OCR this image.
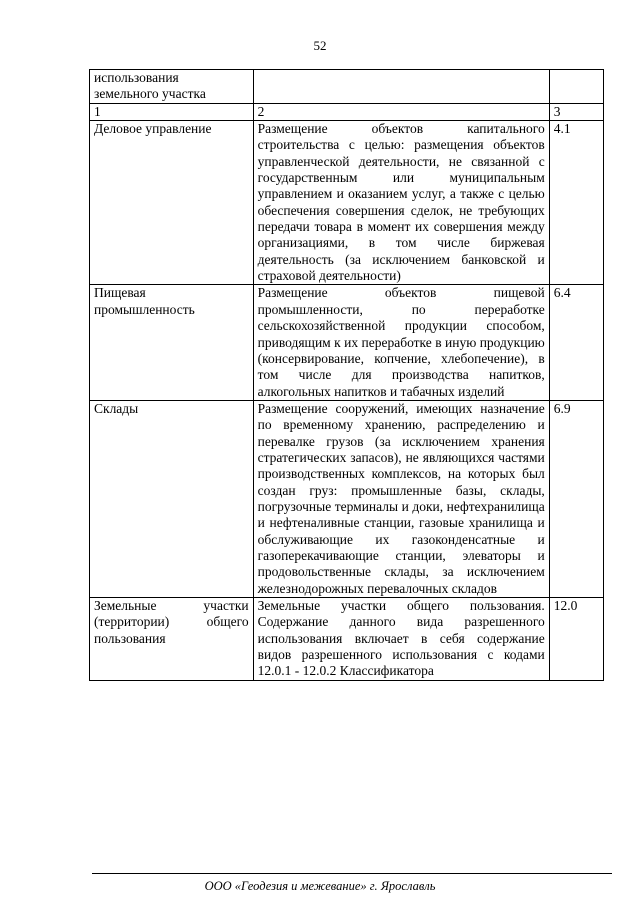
52
использования
земельного участка		
1	2	3
Деловое управление	Размещение объектов капитального строительства с целью: размещения объектов управленческой деятельности, не связанной с государственным или муниципальным управлением и оказанием услуг, а также с целью обеспечения совершения сделок, не требующих передачи товара в момент их совершения между организациями, в том числе биржевая деятельность (за исключением банковской и страховой деятельности)	4.1
Пищевая промышленность	Размещение объектов пищевой промышленности, по переработке сельскохозяйственной продукции способом, приводящим к их переработке в иную продукцию (консервирование, копчение, хлебопечение), в том числе для производства напитков, алкогольных напитков и табачных изделий	6.4
Склады	Размещение сооружений, имеющих назначение по временному хранению, распределению и перевалке грузов (за исключением хранения стратегических запасов), не являющихся частями производственных комплексов, на которых был создан груз: промышленные базы, склады, погрузочные терминалы и доки, нефтехранилища и нефтеналивные станции, газовые хранилища и обслуживающие их газоконденсатные и газоперекачивающие станции, элеваторы и продовольственные склады, за исключением железнодорожных перевалочных складов	6.9
Земельные участки (территории) общего пользования	Земельные участки общего пользования. Содержание данного вида разрешенного использования включает в себя содержание видов разрешенного использования с кодами 12.0.1 - 12.0.2 Классификатора	12.0
ООО «Геодезия и межевание» г. Ярославль
